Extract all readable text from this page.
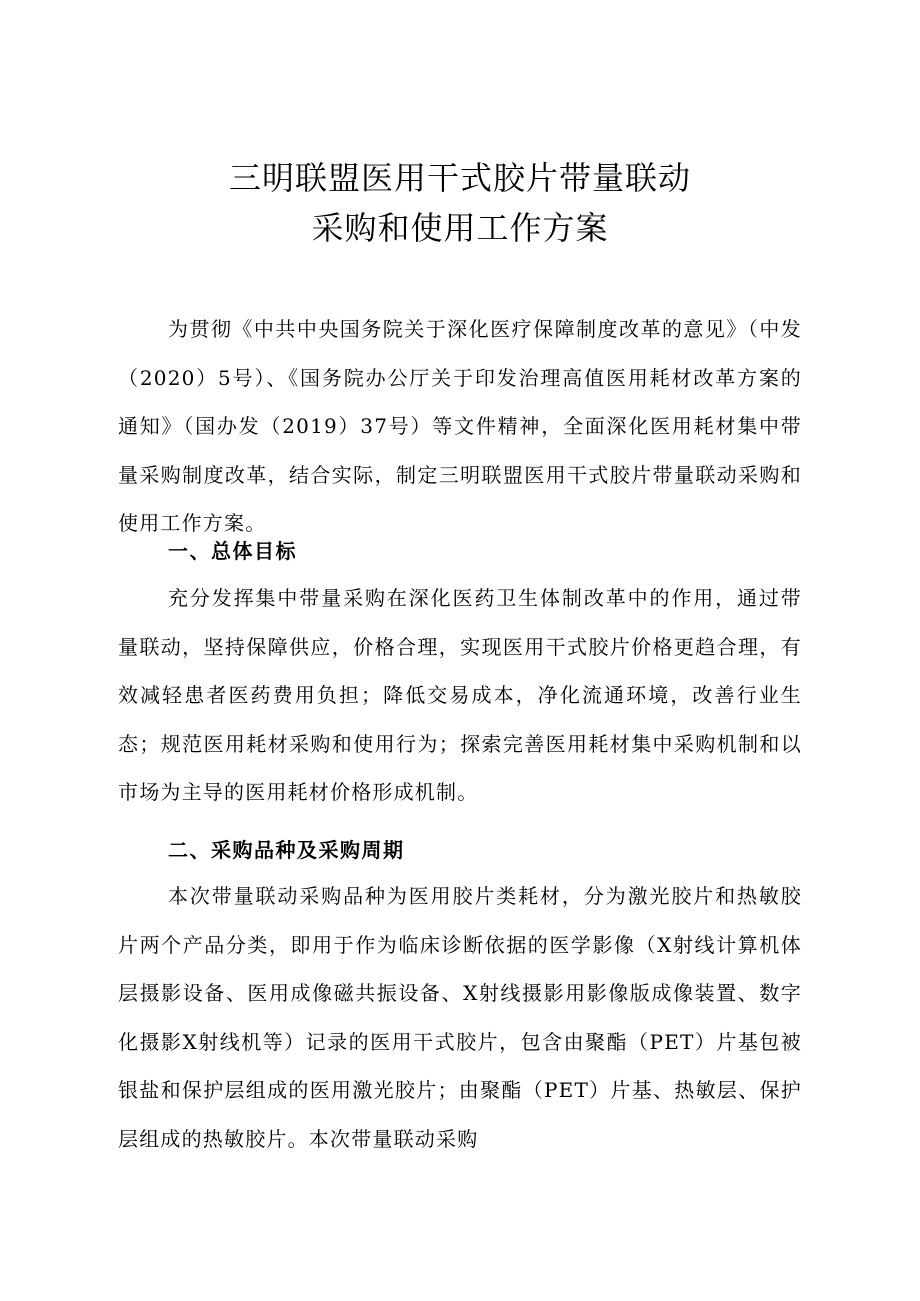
三明联盟医用干式胶片带量联动
采购和使用工作方案

为贯彻《中共中央国务院关于深化医疗保障制度改革的意见》（中发（2020）5号）、《国务院办公厅关于印发治理高值医用耗材改革方案的通知》（国办发（2019）37号）等文件精神，全面深化医用耗材集中带量采购制度改革，结合实际，制定三明联盟医用干式胶片带量联动采购和使用工作方案。

一、总体目标

充分发挥集中带量采购在深化医药卫生体制改革中的作用，通过带量联动，坚持保障供应，价格合理，实现医用干式胶片价格更趋合理，有效减轻患者医药费用负担；降低交易成本，净化流通环境，改善行业生态；规范医用耗材采购和使用行为；探索完善医用耗材集中采购机制和以市场为主导的医用耗材价格形成机制。

二、采购品种及采购周期

本次带量联动采购品种为医用胶片类耗材，分为激光胶片和热敏胶片两个产品分类，即用于作为临床诊断依据的医学影像（X射线计算机体层摄影设备、医用成像磁共振设备、X射线摄影用影像版成像装置、数字化摄影X射线机等）记录的医用干式胶片，包含由聚酯（PET）片基包被银盐和保护层组成的医用激光胶片；由聚酯（PET）片基、热敏层、保护层组成的热敏胶片。本次带量联动采购
